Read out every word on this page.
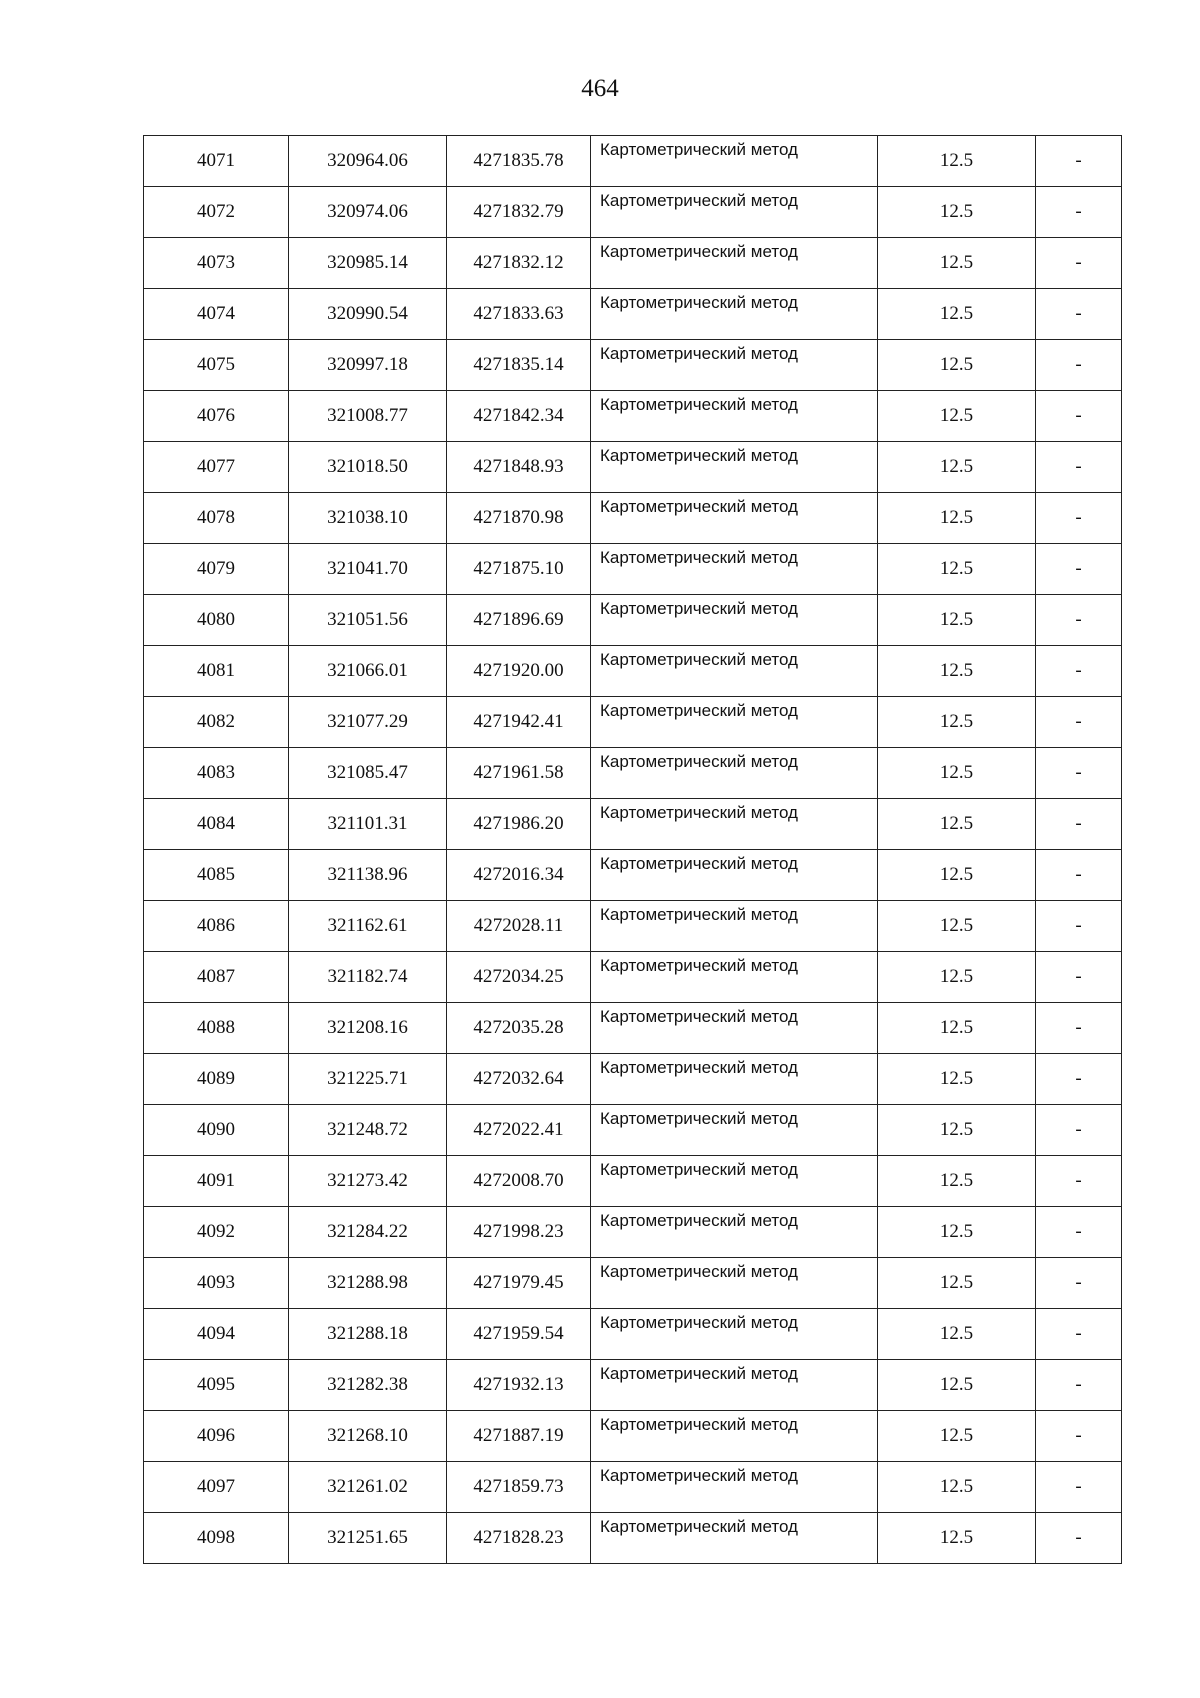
464
4071	320964.06	4271835.78	Картометрический метод	12.5	-
4072	320974.06	4271832.79	Картометрический метод	12.5	-
4073	320985.14	4271832.12	Картометрический метод	12.5	-
4074	320990.54	4271833.63	Картометрический метод	12.5	-
4075	320997.18	4271835.14	Картометрический метод	12.5	-
4076	321008.77	4271842.34	Картометрический метод	12.5	-
4077	321018.50	4271848.93	Картометрический метод	12.5	-
4078	321038.10	4271870.98	Картометрический метод	12.5	-
4079	321041.70	4271875.10	Картометрический метод	12.5	-
4080	321051.56	4271896.69	Картометрический метод	12.5	-
4081	321066.01	4271920.00	Картометрический метод	12.5	-
4082	321077.29	4271942.41	Картометрический метод	12.5	-
4083	321085.47	4271961.58	Картометрический метод	12.5	-
4084	321101.31	4271986.20	Картометрический метод	12.5	-
4085	321138.96	4272016.34	Картометрический метод	12.5	-
4086	321162.61	4272028.11	Картометрический метод	12.5	-
4087	321182.74	4272034.25	Картометрический метод	12.5	-
4088	321208.16	4272035.28	Картометрический метод	12.5	-
4089	321225.71	4272032.64	Картометрический метод	12.5	-
4090	321248.72	4272022.41	Картометрический метод	12.5	-
4091	321273.42	4272008.70	Картометрический метод	12.5	-
4092	321284.22	4271998.23	Картометрический метод	12.5	-
4093	321288.98	4271979.45	Картометрический метод	12.5	-
4094	321288.18	4271959.54	Картометрический метод	12.5	-
4095	321282.38	4271932.13	Картометрический метод	12.5	-
4096	321268.10	4271887.19	Картометрический метод	12.5	-
4097	321261.02	4271859.73	Картометрический метод	12.5	-
4098	321251.65	4271828.23	Картометрический метод	12.5	-
